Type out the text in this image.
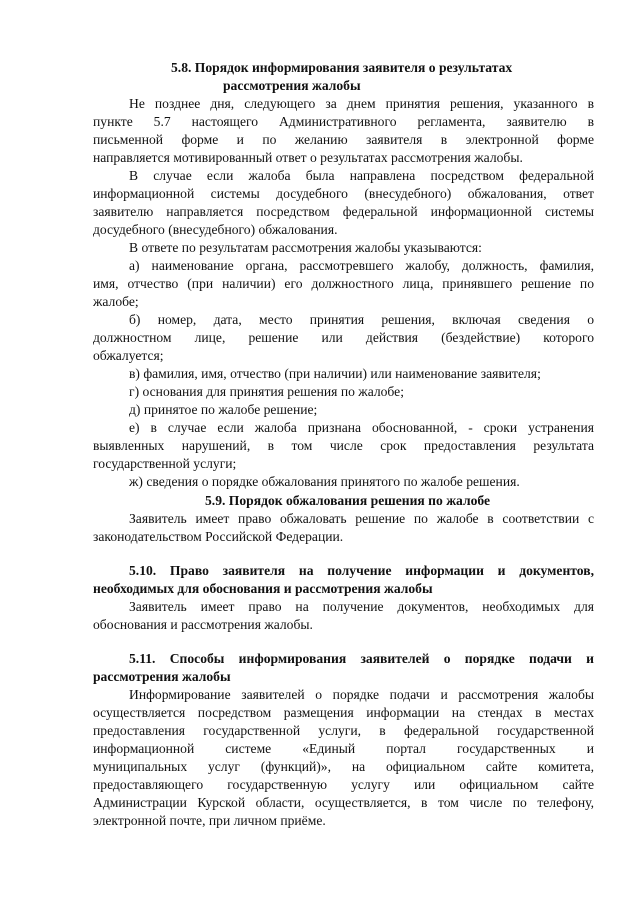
5.8. Порядок информирования заявителя о результатах
рассмотрения жалобы
Не позднее дня, следующего за днем принятия решения, указанного в
пункте 5.7 настоящего Административного регламента, заявителю в
письменной форме и по желанию заявителя в электронной форме
направляется мотивированный ответ о результатах рассмотрения жалобы.
В случае если жалоба была направлена посредством федеральной
информационной системы досудебного (внесудебного) обжалования, ответ
заявителю направляется посредством федеральной информационной системы
досудебного (внесудебного) обжалования.
В ответе по результатам рассмотрения жалобы указываются:
а) наименование органа, рассмотревшего жалобу, должность, фамилия,
имя, отчество (при наличии) его должностного лица, принявшего решение по
жалобе;
б) номер, дата, место принятия решения, включая сведения о
должностном лице, решение или действия (бездействие) которого
обжалуется;
в) фамилия, имя, отчество (при наличии) или наименование заявителя;
г) основания для принятия решения по жалобе;
д) принятое по жалобе решение;
е) в случае если жалоба признана обоснованной, - сроки устранения
выявленных нарушений, в том числе срок предоставления результата
государственной услуги;
ж) сведения о порядке обжалования принятого по жалобе решения.
5.9. Порядок обжалования решения по жалобе
Заявитель имеет право обжаловать решение по жалобе в соответствии с
законодательством Российской Федерации.
5.10. Право заявителя на получение информации и документов,
необходимых для обоснования и рассмотрения жалобы
Заявитель имеет право на получение документов, необходимых для
обоснования и рассмотрения жалобы.
5.11. Способы информирования заявителей о порядке подачи и
рассмотрения жалобы
Информирование заявителей о порядке подачи и рассмотрения жалобы
осуществляется посредством размещения информации на стендах в местах
предоставления государственной услуги, в федеральной государственной
информационной системе «Единый портал государственных и
муниципальных услуг (функций)», на официальном сайте комитета,
предоставляющего государственную услугу или официальном сайте
Администрации Курской области, осуществляется, в том числе по телефону,
электронной почте, при личном приёме.
